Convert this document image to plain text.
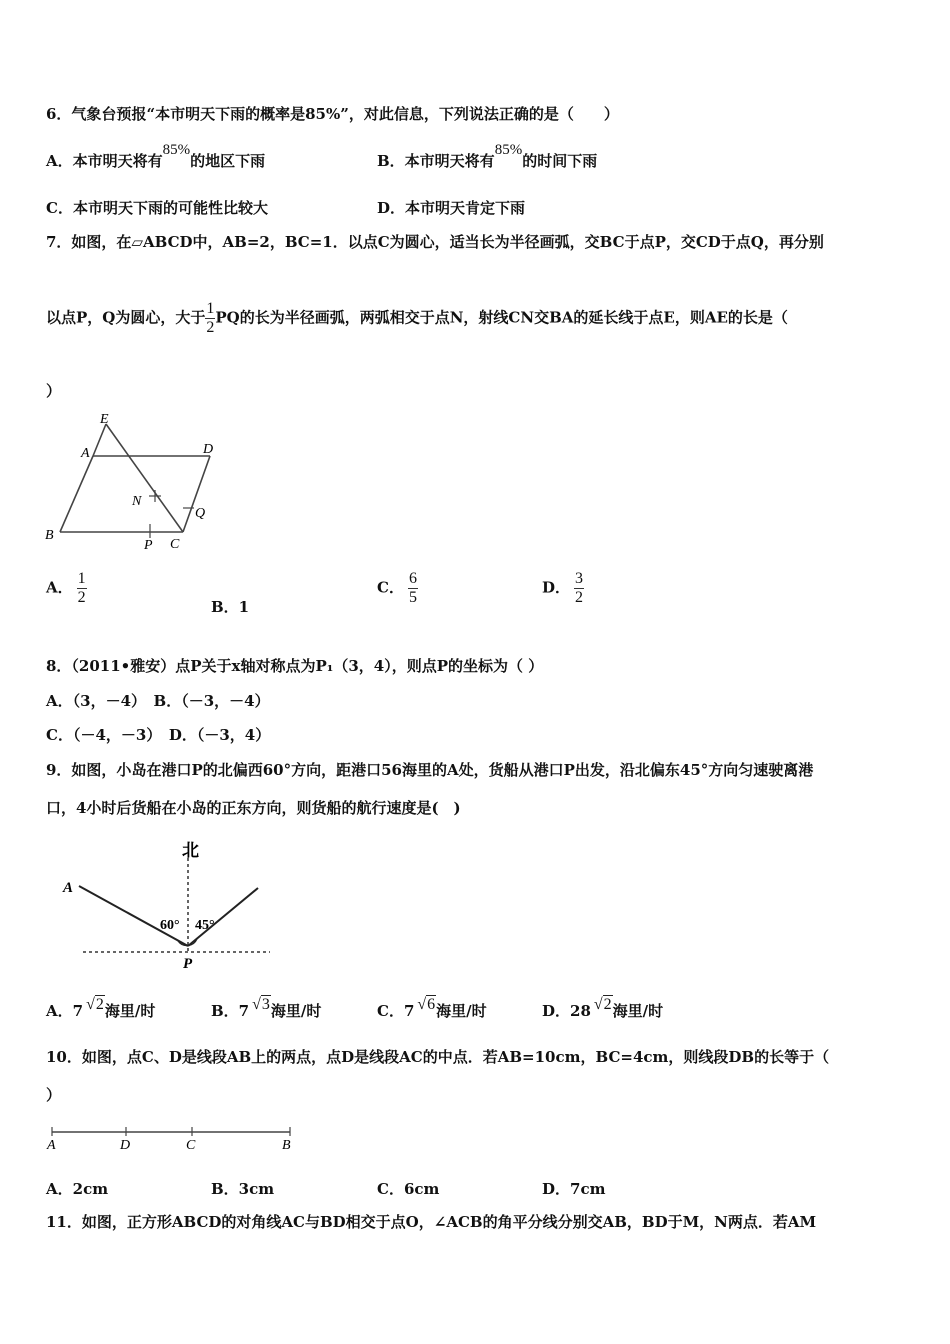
6．气象台预报“本市明天下雨的概率是85%”，对此信息，下列说法正确的是（　　）
A．本市明天将有85%的地区下雨	B．本市明天将有85%的时间下雨
C．本市明天下雨的可能性比较大	D．本市明天肯定下雨
7．如图，在▱ABCD中，AB=2，BC=1．以点C为圆心，适当长为半径画弧，交BC于点P，交CD于点Q，再分别
以点P，Q为圆心，大于 $\frac{1}{2}$ PQ的长为半径画弧，两弧相交于点N，射线CN交BA的延长线于点E，则AE的长是（
）
E
A	D
N
Q
B
P C
A． $\frac{1}{2}$	B．1
C． $\frac{6}{5}$	D． $\frac{3}{2}$
8．（2011•雅安）点P关于x轴对称点为P₁（3，4），则点P的坐标为（ ）
A．（3，－4）　B．（－3，－4）
C．（－4，－3）　D．（－3，4）
9．如图，小岛在港口P的北偏西60°方向，距港口56海里的A处，货船从港口P出发，沿北偏东45°方向匀速驶离港
口，4小时后货船在小岛的正东方向，则货船的航行速度是(　)
北
A
P
60° 45°
A．7 √2海里/时	B．7 √3海里/时	C．7 √6海里/时	D．28 √2海里/时
10．如图，点C、D是线段AB上的两点，点D是线段AC的中点．若AB=10cm，BC=4cm，则线段DB的长等于（
）
A	D	C	B
A．2cm	B．3cm	C．6cm	D．7cm
11．如图，正方形ABCD的对角线AC与BD相交于点O，∠ACB的角平分线分别交AB，BD于M，N两点．若AM
